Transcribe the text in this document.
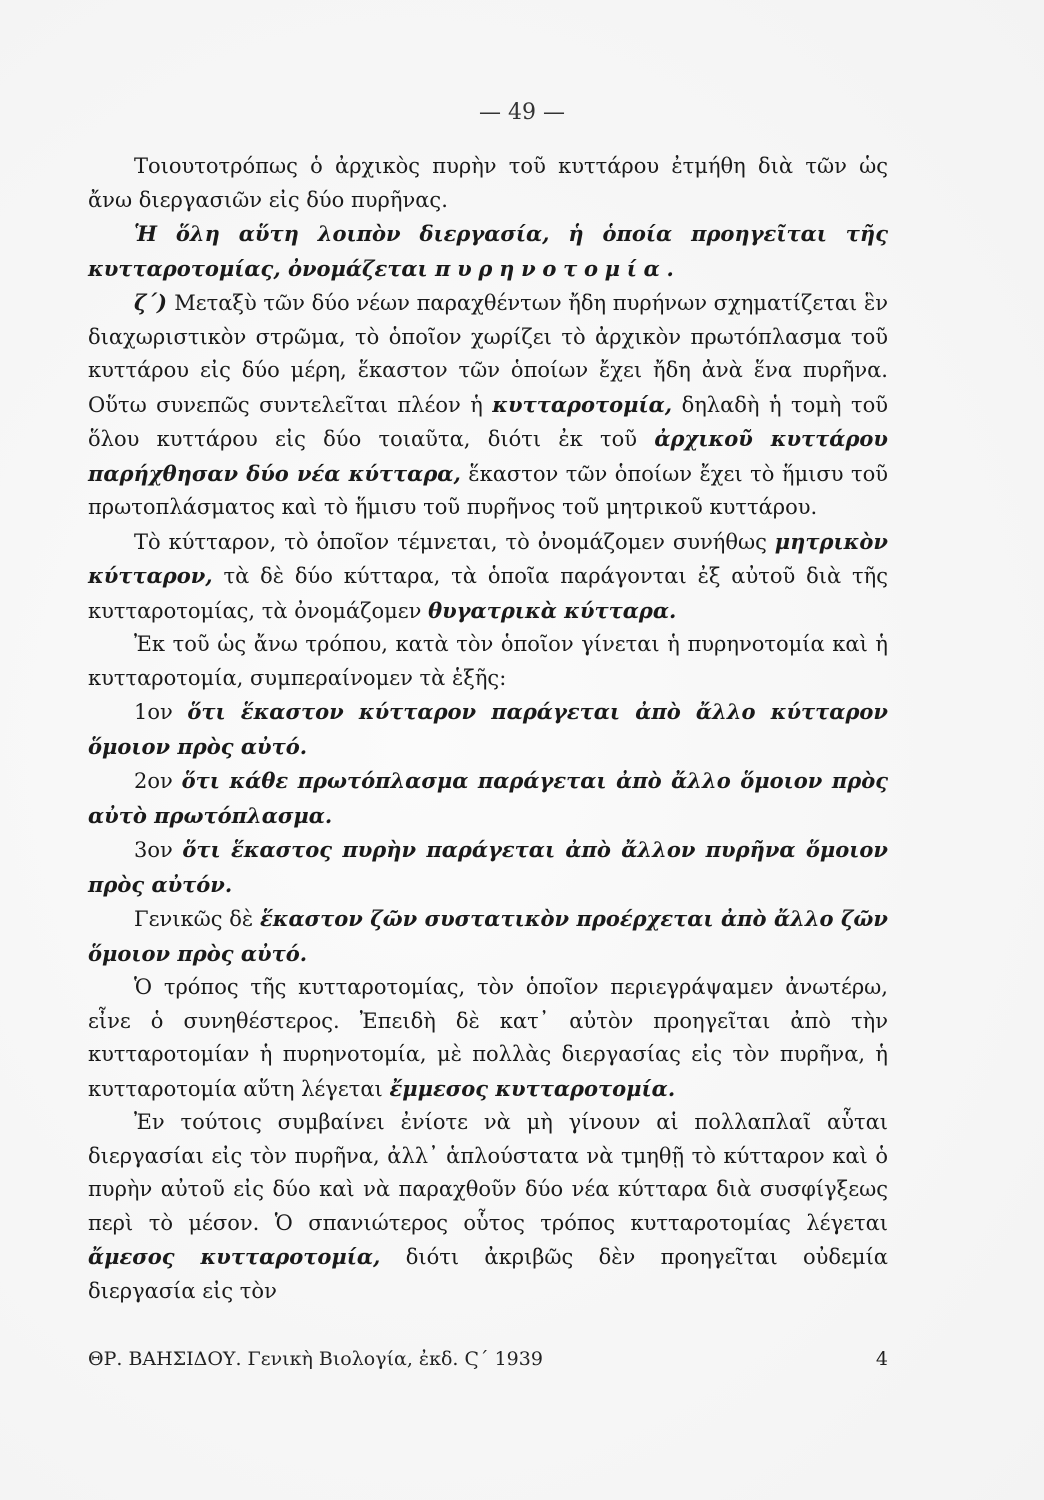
— 49 —

Τοιουτοτρόπως ὁ ἀρχικὸς πυρὴν τοῦ κυττάρου ἐτμήθη διὰ τῶν ὡς ἄνω διεργασιῶν εἰς δύο πυρῆνας.

Ἡ ὅλη αὕτη λοιπὸν διεργασία, ἡ ὁποία προηγεῖται τῆς κυτταροτομίας, ὀνομάζεται πυρηνοτομία.

ζ΄) Μεταξὺ τῶν δύο νέων παραχθέντων ἤδη πυρήνων σχηματίζεται ἓν διαχωριστικὸν στρῶμα, τὸ ὁποῖον χωρίζει τὸ ἀρχικὸν πρωτόπλασμα τοῦ κυττάρου εἰς δύο μέρη, ἕκαστον τῶν ὁποίων ἔχει ἤδη ἀνὰ ἕνα πυρῆνα. Οὕτω συνεπῶς συντελεῖται πλέον ἡ κυτταροτομία, δηλαδὴ ἡ τομὴ τοῦ ὅλου κυττάρου εἰς δύο τοιαῦτα, διότι ἐκ τοῦ ἀρχικοῦ κυττάρου παρήχθησαν δύο νέα κύτταρα, ἕκαστον τῶν ὁποίων ἔχει τὸ ἥμισυ τοῦ πρωτοπλάσματος καὶ τὸ ἥμισυ τοῦ πυρῆνος τοῦ μητρικοῦ κυττάρου.

Τὸ κύτταρον, τὸ ὁποῖον τέμνεται, τὸ ὀνομάζομεν συνήθως μητρικὸν κύτταρον, τὰ δὲ δύο κύτταρα, τὰ ὁποῖα παράγονται ἐξ αὐτοῦ διὰ τῆς κυτταροτομίας, τὰ ὀνομάζομεν θυγατρικὰ κύτταρα.

Ἐκ τοῦ ὡς ἄνω τρόπου, κατὰ τὸν ὁποῖον γίνεται ἡ πυρηνοτομία καὶ ἡ κυτταροτομία, συμπεραίνομεν τὰ ἑξῆς:

1ον ὅτι ἕκαστον κύτταρον παράγεται ἀπὸ ἄλλο κύτταρον ὅμοιον πρὸς αὐτό.

2ον ὅτι κάθε πρωτόπλασμα παράγεται ἀπὸ ἄλλο ὅμοιον πρὸς αὐτὸ πρωτόπλασμα.

3ον ὅτι ἕκαστος πυρὴν παράγεται ἀπὸ ἄλλον πυρῆνα ὅμοιον πρὸς αὐτόν.

Γενικῶς δὲ ἕκαστον ζῶν συστατικὸν προέρχεται ἀπὸ ἄλλο ζῶν ὅμοιον πρὸς αὐτό.

Ὁ τρόπος τῆς κυτταροτομίας, τὸν ὁποῖον περιεγράψαμεν ἀνωτέρω, εἶνε ὁ συνηθέστερος. Ἐπειδὴ δὲ κατ᾽ αὐτὸν προηγεῖται ἀπὸ τὴν κυτταροτομίαν ἡ πυρηνοτομία, μὲ πολλὰς διεργασίας εἰς τὸν πυρῆνα, ἡ κυτταροτομία αὕτη λέγεται ἔμμεσος κυτταροτομία.

Ἐν τούτοις συμβαίνει ἐνίοτε νὰ μὴ γίνουν αἱ πολλαπλαῖ αὗται διεργασίαι εἰς τὸν πυρῆνα, ἀλλ᾽ ἁπλούστατα νὰ τμηθῇ τὸ κύτταρον καὶ ὁ πυρὴν αὐτοῦ εἰς δύο καὶ νὰ παραχθοῦν δύο νέα κύτταρα διὰ συσφίγξεως περὶ τὸ μέσον. Ὁ σπανιώτερος οὗτος τρόπος κυτταροτομίας λέγεται ἄμεσος κυτταροτομία, διότι ἀκριβῶς δὲν προηγεῖται οὐδεμία διεργασία εἰς τὸν

ΘΡ. ΒΑΗΣΙΔΟΥ. Γενικὴ Βιολογία, ἐκδ. Ϛ΄ 1939	4
